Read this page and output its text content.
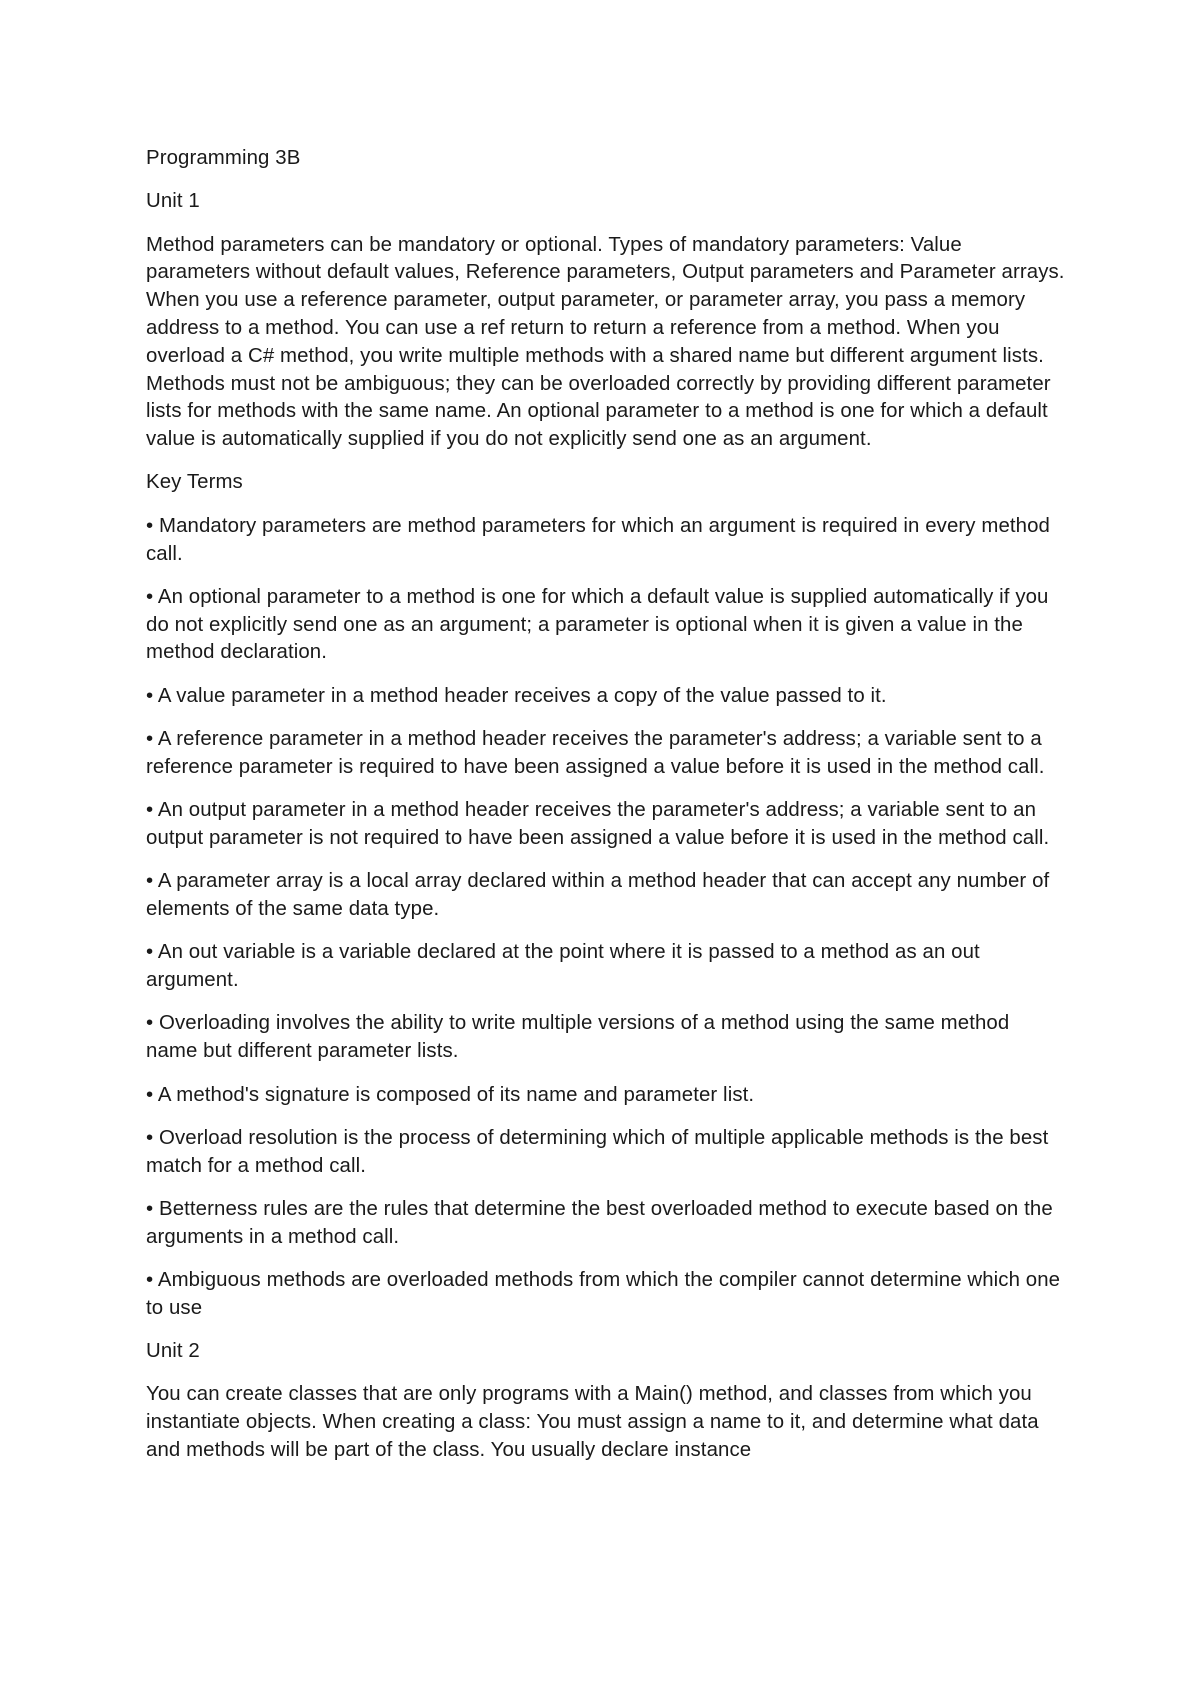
Programming 3B

Unit 1

Method parameters can be mandatory or optional. Types of mandatory parameters: Value parameters without default values, Reference parameters, Output parameters and Parameter arrays. When you use a reference parameter, output parameter, or parameter array, you pass a memory address to a method. You can use a ref return to return a reference from a method. When you overload a C# method, you write multiple methods with a shared name but different argument lists. Methods must not be ambiguous; they can be overloaded correctly by providing different parameter lists for methods with the same name. An optional parameter to a method is one for which a default value is automatically supplied if you do not explicitly send one as an argument.

Key Terms

• Mandatory parameters are method parameters for which an argument is required in every method call.

• An optional parameter to a method is one for which a default value is supplied automatically if you do not explicitly send one as an argument; a parameter is optional when it is given a value in the method declaration.

• A value parameter in a method header receives a copy of the value passed to it.

• A reference parameter in a method header receives the parameter's address; a variable sent to a reference parameter is required to have been assigned a value before it is used in the method call.

• An output parameter in a method header receives the parameter's address; a variable sent to an output parameter is not required to have been assigned a value before it is used in the method call.

• A parameter array is a local array declared within a method header that can accept any number of elements of the same data type.

• An out variable is a variable declared at the point where it is passed to a method as an out argument.

• Overloading involves the ability to write multiple versions of a method using the same method name but different parameter lists.

• A method's signature is composed of its name and parameter list.

• Overload resolution is the process of determining which of multiple applicable methods is the best match for a method call.

• Betterness rules are the rules that determine the best overloaded method to execute based on the arguments in a method call.

• Ambiguous methods are overloaded methods from which the compiler cannot determine which one to use

Unit 2

You can create classes that are only programs with a Main() method, and classes from which you instantiate objects. When creating a class: You must assign a name to it, and determine what data and methods will be part of the class. You usually declare instance
